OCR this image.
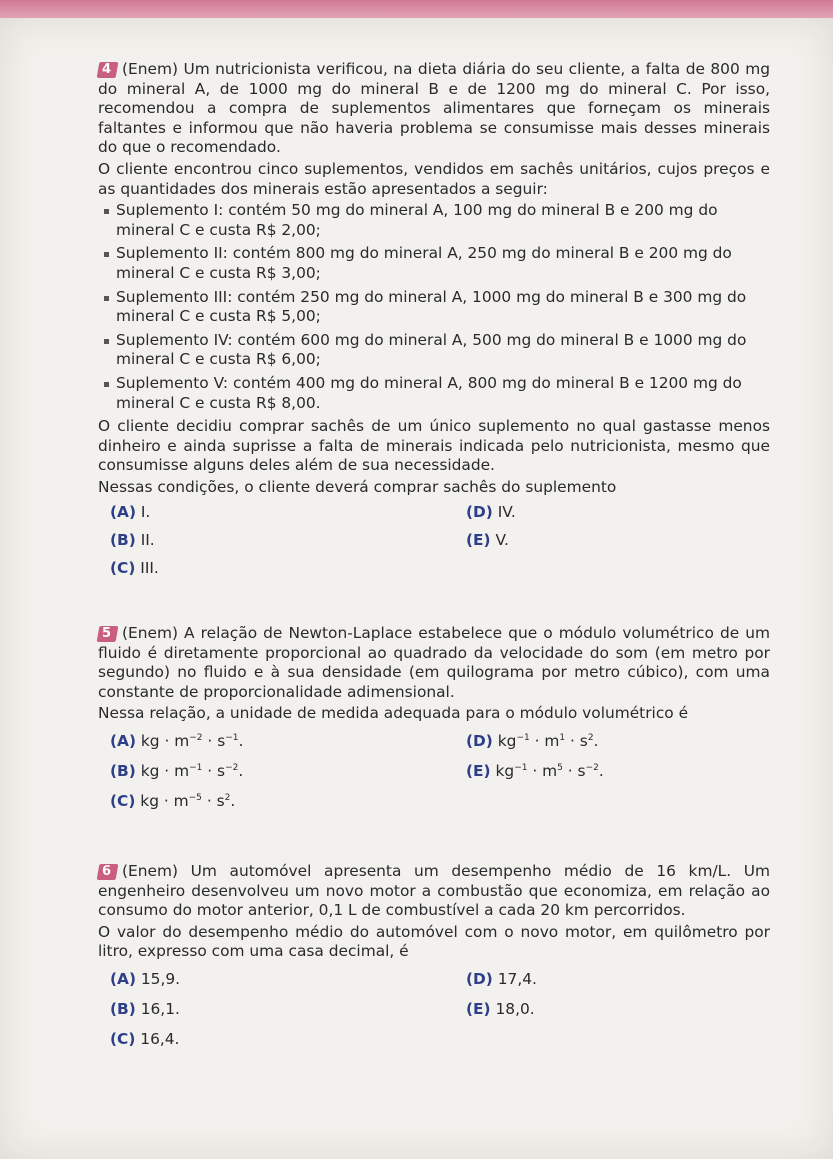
4 (Enem) Um nutricionista verificou, na dieta diária do seu cliente, a falta de 800 mg do mineral A, de 1000 mg do mineral B e de 1200 mg do mineral C. Por isso, recomendou a compra de suplementos alimentares que forneçam os minerais faltantes e informou que não haveria problema se consumisse mais desses minerais do que o recomendado.

O cliente encontrou cinco suplementos, vendidos em sachês unitários, cujos preços e as quantidades dos minerais estão apresentados a seguir:

Suplemento I: contém 50 mg do mineral A, 100 mg do mineral B e 200 mg do mineral C e custa R$ 2,00;
Suplemento II: contém 800 mg do mineral A, 250 mg do mineral B e 200 mg do mineral C e custa R$ 3,00;
Suplemento III: contém 250 mg do mineral A, 1000 mg do mineral B e 300 mg do mineral C e custa R$ 5,00;
Suplemento IV: contém 600 mg do mineral A, 500 mg do mineral B e 1000 mg do mineral C e custa R$ 6,00;
Suplemento V: contém 400 mg do mineral A, 800 mg do mineral B e 1200 mg do mineral C e custa R$ 8,00.

O cliente decidiu comprar sachês de um único suplemento no qual gastasse menos dinheiro e ainda suprisse a falta de minerais indicada pelo nutricionista, mesmo que consumisse alguns deles além de sua necessidade.

Nessas condições, o cliente deverá comprar sachês do suplemento

(A) I.
(B) II.
(C) III.
(D) IV.
(E) V.

5 (Enem) A relação de Newton-Laplace estabelece que o módulo volumétrico de um fluido é diretamente proporcional ao quadrado da velocidade do som (em metro por segundo) no fluido e à sua densidade (em quilograma por metro cúbico), com uma constante de proporcionalidade adimensional.

Nessa relação, a unidade de medida adequada para o módulo volumétrico é

(A) kg · $m^{-2} \cdot s^{-1}$.
(B) kg · $m^{-1} \cdot s^{-2}$.
(C) kg · $m^{-5} \cdot s^2$.
(D) $kg^{-1} \cdot m^1 \cdot s^2$.
(E) $kg^{-1} \cdot m^5 \cdot s^{-2}$.

6 (Enem) Um automóvel apresenta um desempenho médio de 16 km/L. Um engenheiro desenvolveu um novo motor a combustão que economiza, em relação ao consumo do motor anterior, 0,1 L de combustível a cada 20 km percorridos.

O valor do desempenho médio do automóvel com o novo motor, em quilômetro por litro, expresso com uma casa decimal, é

(A) 15,9.
(B) 16,1.
(C) 16,4.
(D) 17,4.
(E) 18,0.
